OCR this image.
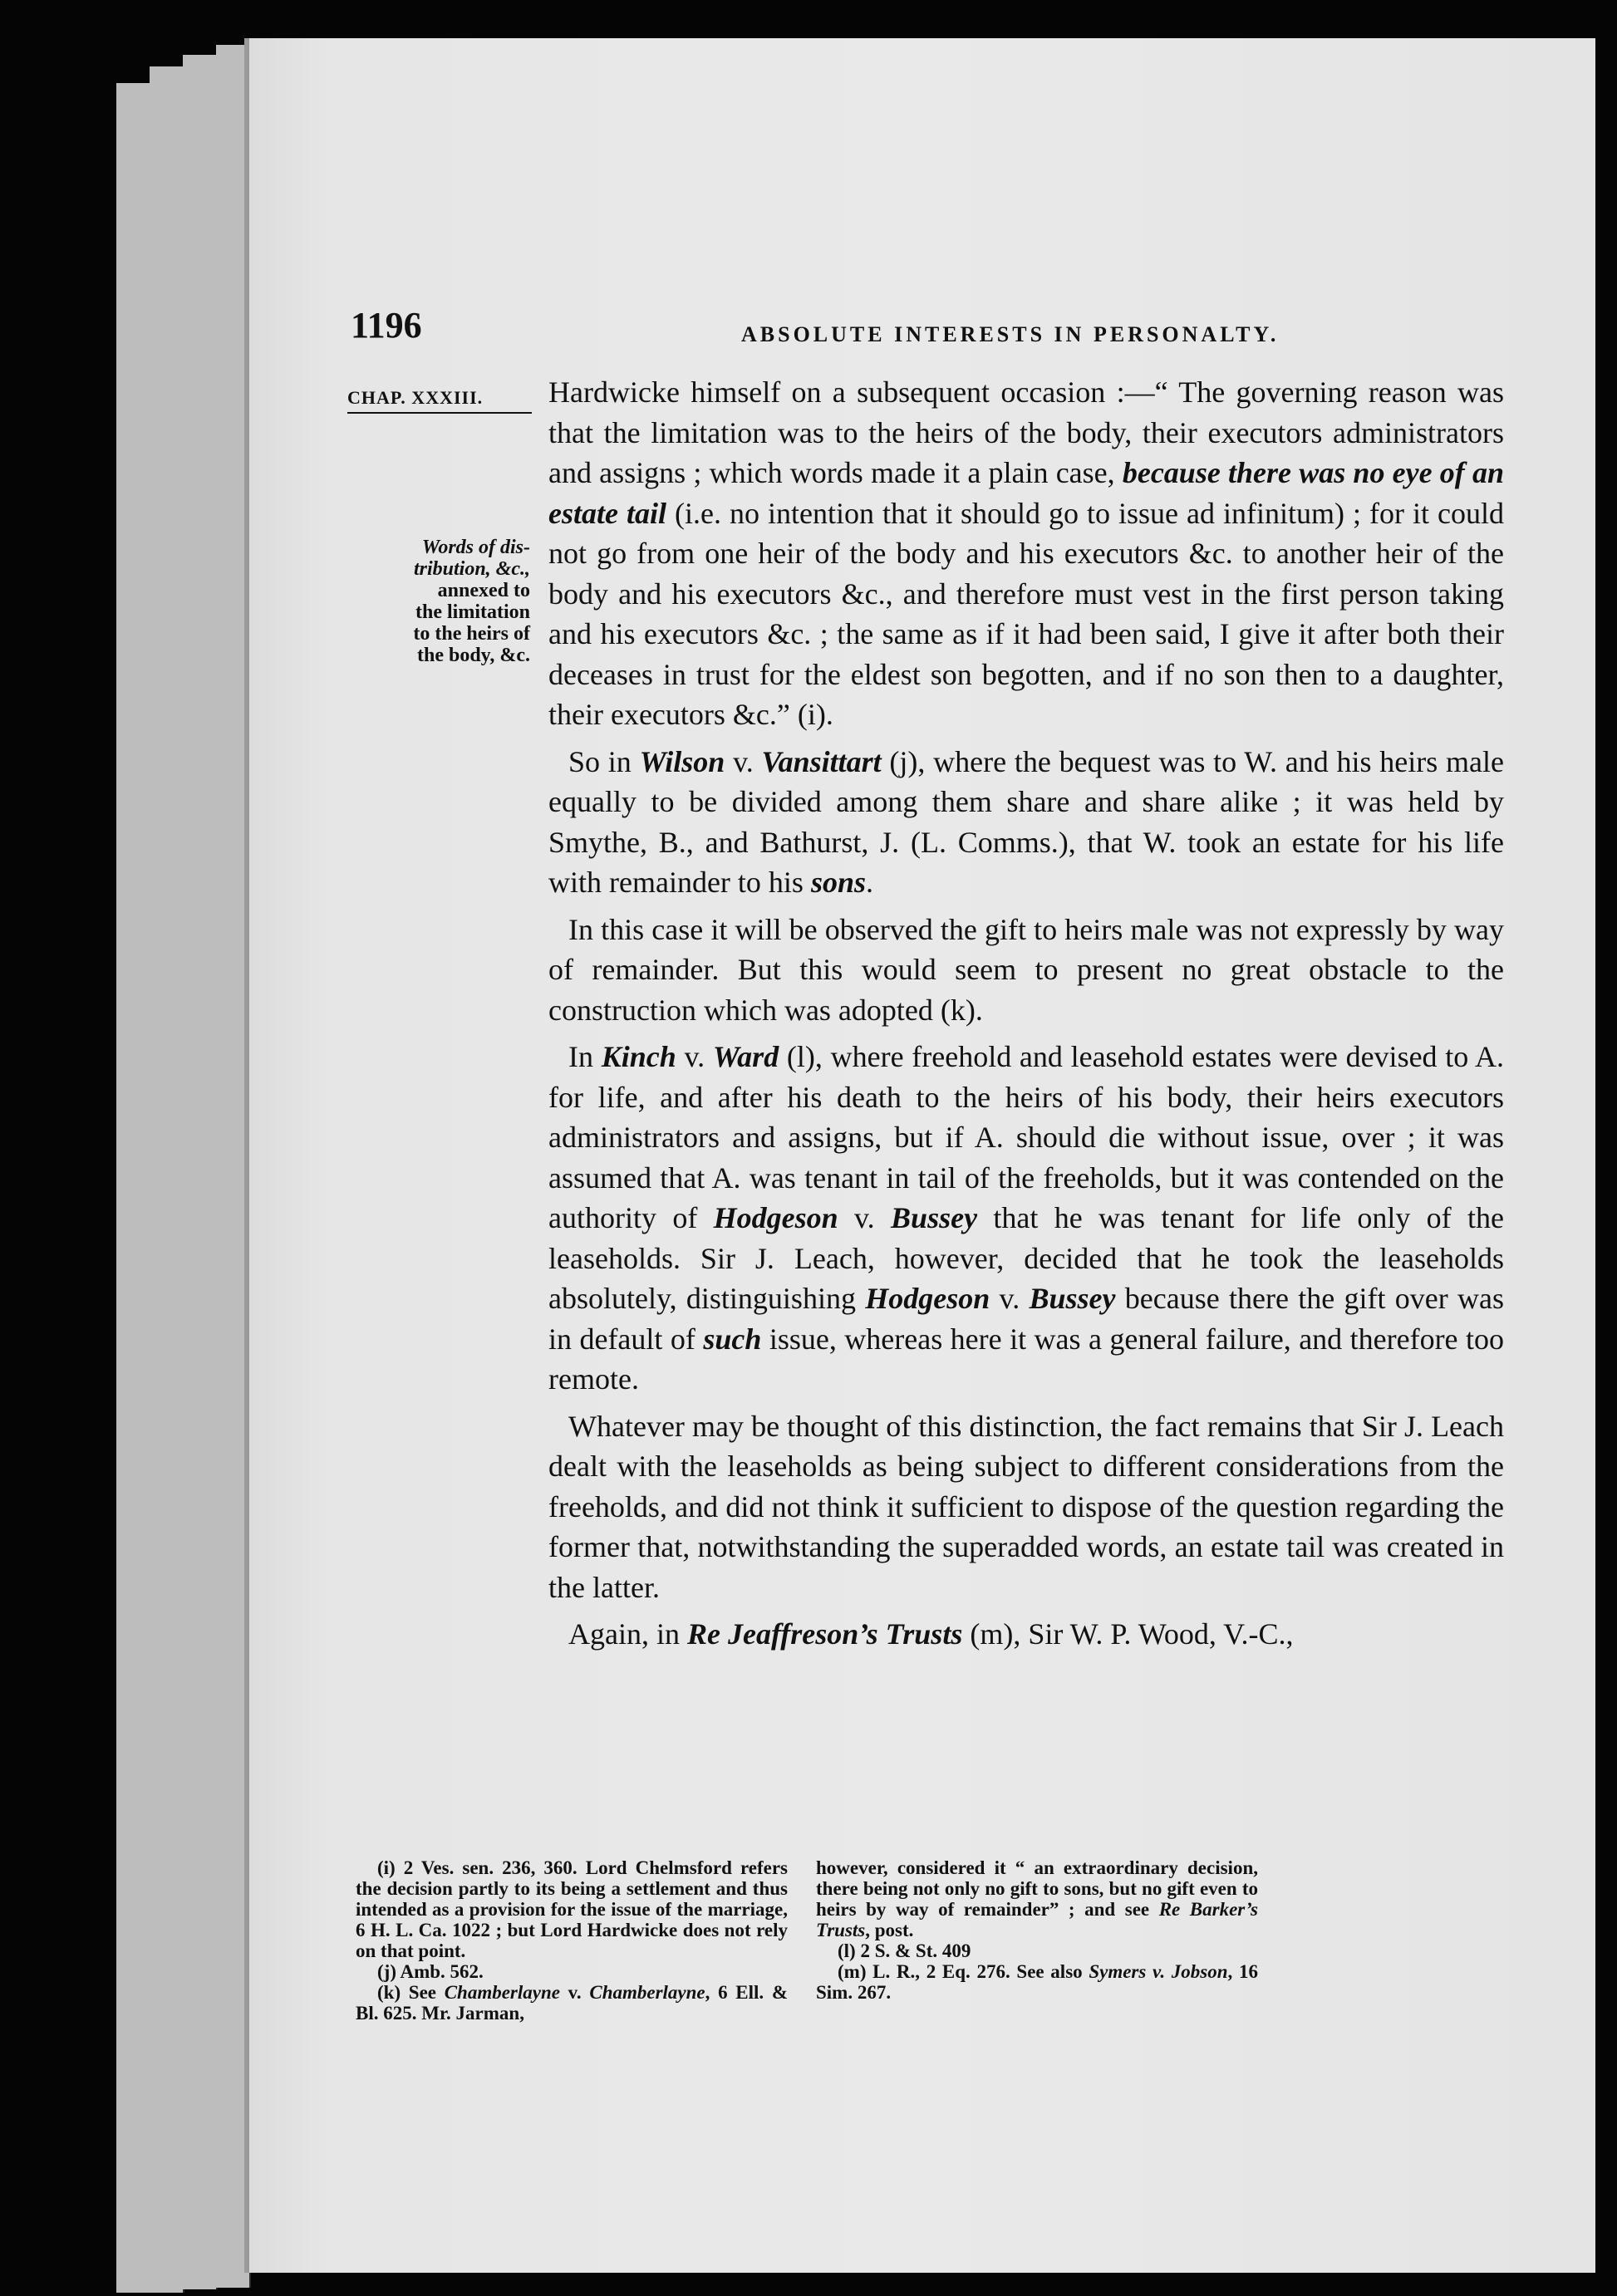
1196	ABSOLUTE INTERESTS IN PERSONALTY.
CHAP. XXXIII.
Words of dis-
tribution, &c.,
annexed to
the limitation
to the heirs of
the body, &c.

Hardwicke himself on a subsequent occasion :—“ The governing reason was that the limitation was to the heirs of the body, their executors administrators and assigns ; which words made it a plain case, because there was no eye of an estate tail (i.e. no intention that it should go to issue ad infinitum) ; for it could not go from one heir of the body and his executors &c. to another heir of the body and his executors &c., and therefore must vest in the first person taking and his executors &c. ; the same as if it had been said, I give it after both their deceases in trust for the eldest son begotten, and if no son then to a daughter, their executors &c.” (i).

So in Wilson v. Vansittart (j), where the bequest was to W. and his heirs male equally to be divided among them share and share alike ; it was held by Smythe, B., and Bathurst, J. (L. Comms.), that W. took an estate for his life with remainder to his sons.

In this case it will be observed the gift to heirs male was not expressly by way of remainder. But this would seem to present no great obstacle to the construction which was adopted (k).

In Kinch v. Ward (l), where freehold and leasehold estates were devised to A. for life, and after his death to the heirs of his body, their heirs executors administrators and assigns, but if A. should die without issue, over ; it was assumed that A. was tenant in tail of the freeholds, but it was contended on the authority of Hodgeson v. Bussey that he was tenant for life only of the leaseholds. Sir J. Leach, however, decided that he took the leaseholds absolutely, distinguishing Hodgeson v. Bussey because there the gift over was in default of such issue, whereas here it was a general failure, and therefore too remote.

Whatever may be thought of this distinction, the fact remains that Sir J. Leach dealt with the leaseholds as being subject to different considerations from the freeholds, and did not think it sufficient to dispose of the question regarding the former that, notwithstanding the superadded words, an estate tail was created in the latter.

Again, in Re Jeaffreson’s Trusts (m), Sir W. P. Wood, V.-C.,

(i) 2 Ves. sen. 236, 360. Lord Chelmsford refers the decision partly to its being a settlement and thus intended as a provision for the issue of the marriage, 6 H. L. Ca. 1022 ; but Lord Hardwicke does not rely on that point.

(j) Amb. 562.

(k) See Chamberlayne v. Chamberlayne, 6 Ell. & Bl. 625. Mr. Jarman,

however, considered it “ an extraordinary decision, there being not only no gift to sons, but no gift even to heirs by way of remainder” ; and see Re Barker’s Trusts, post.

(l) 2 S. & St. 409

(m) L. R., 2 Eq. 276. See also Symers v. Jobson, 16 Sim. 267.
